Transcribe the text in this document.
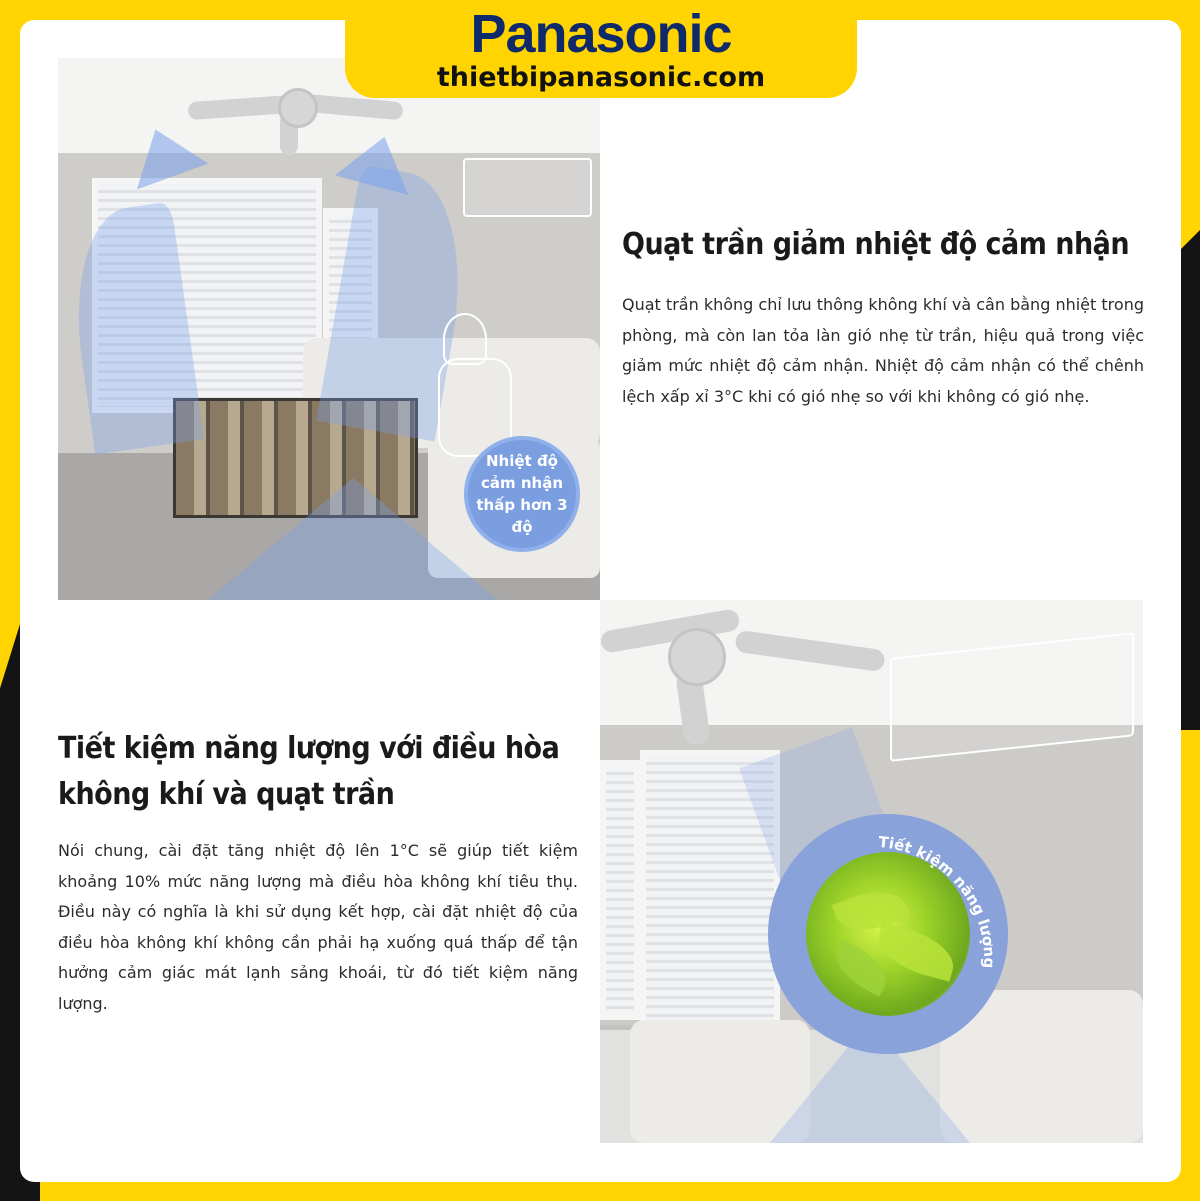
Panasonic
thietbipanasonic.com
Nhiệt độ cảm nhận thấp hơn 3 độ
Quạt trần giảm nhiệt độ cảm nhận

Quạt trần không chỉ lưu thông không khí và cân bằng nhiệt trong phòng, mà còn lan tỏa làn gió nhẹ từ trần, hiệu quả trong việc giảm mức nhiệt độ cảm nhận. Nhiệt độ cảm nhận có thể chênh lệch xấp xỉ 3°C khi có gió nhẹ so với khi không có gió nhẹ.

Tiết kiệm năng lượng với điều hòa không khí và quạt trần

Nói chung, cài đặt tăng nhiệt độ lên 1°C sẽ giúp tiết kiệm khoảng 10% mức năng lượng mà điều hòa không khí tiêu thụ. Điều này có nghĩa là khi sử dụng kết hợp, cài đặt nhiệt độ của điều hòa không khí không cần phải hạ xuống quá thấp để tận hưởng cảm giác mát lạnh sảng khoái, từ đó tiết kiệm năng lượng.

Tiết kiệm năng lượng
